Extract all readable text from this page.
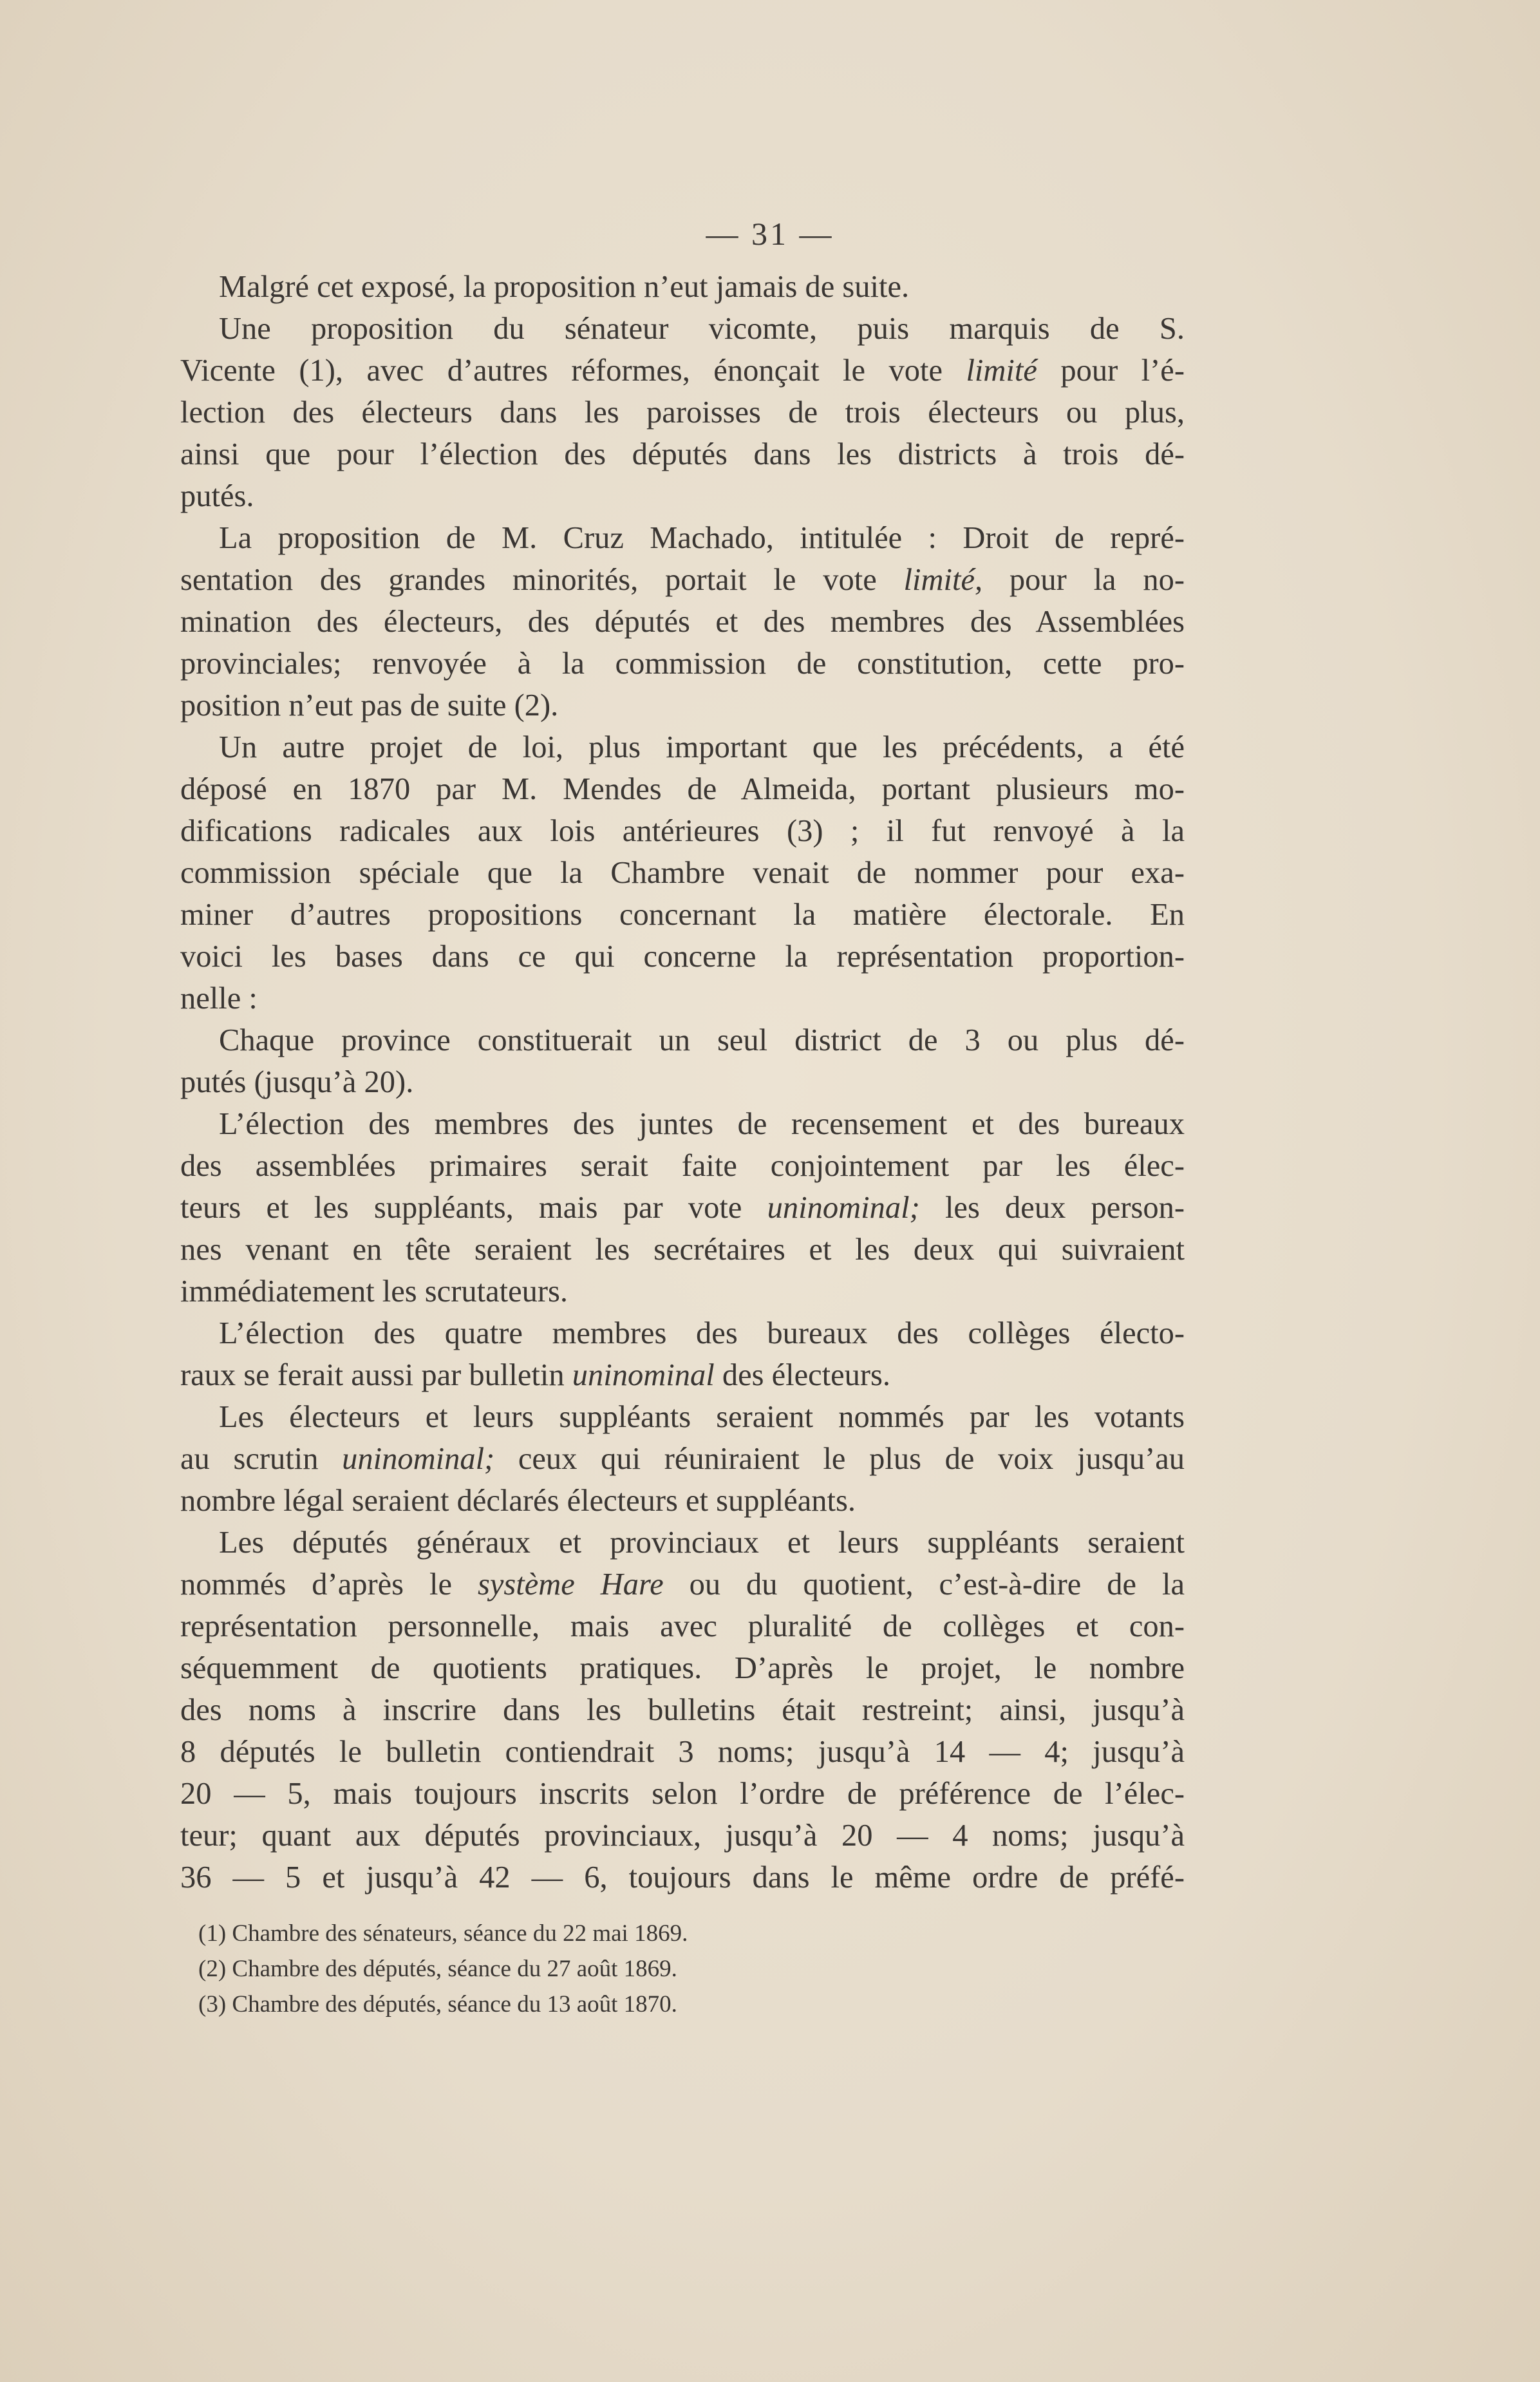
— 31 —
Malgré cet exposé, la proposition n’eut jamais de suite.
Une proposition du sénateur vicomte, puis marquis de S.
Vicente (1), avec d’autres réformes, énonçait le vote limité pour l’é-
lection des électeurs dans les paroisses de trois électeurs ou plus,
ainsi que pour l’élection des députés dans les districts à trois dé-
putés.
La proposition de M. Cruz Machado, intitulée : Droit de repré-
sentation des grandes minorités, portait le vote limité, pour la no-
mination des électeurs, des députés et des membres des Assemblées
provinciales; renvoyée à la commission de constitution, cette pro-
position n’eut pas de suite (2).
Un autre projet de loi, plus important que les précédents, a été
déposé en 1870 par M. Mendes de Almeida, portant plusieurs mo-
difications radicales aux lois antérieures (3) ; il fut renvoyé à la
commission spéciale que la Chambre venait de nommer pour exa-
miner d’autres propositions concernant la matière électorale. En
voici les bases dans ce qui concerne la représentation proportion-
nelle :
Chaque province constituerait un seul district de 3 ou plus dé-
putés (jusqu’à 20).
L’élection des membres des juntes de recensement et des bureaux
des assemblées primaires serait faite conjointement par les élec-
teurs et les suppléants, mais par vote uninominal; les deux person-
nes venant en tête seraient les secrétaires et les deux qui suivraient
immédiatement les scrutateurs.
L’élection des quatre membres des bureaux des collèges électo-
raux se ferait aussi par bulletin uninominal des électeurs.
Les électeurs et leurs suppléants seraient nommés par les votants
au scrutin uninominal; ceux qui réuniraient le plus de voix jusqu’au
nombre légal seraient déclarés électeurs et suppléants.
Les députés généraux et provinciaux et leurs suppléants seraient
nommés d’après le système Hare ou du quotient, c’est-à-dire de la
représentation personnelle, mais avec pluralité de collèges et con-
séquemment de quotients pratiques. D’après le projet, le nombre
des noms à inscrire dans les bulletins était restreint; ainsi, jusqu’à
8 députés le bulletin contiendrait 3 noms; jusqu’à 14 — 4; jusqu’à
20 — 5, mais toujours inscrits selon l’ordre de préférence de l’élec-
teur; quant aux députés provinciaux, jusqu’à 20 — 4 noms; jusqu’à
36 — 5 et jusqu’à 42 — 6, toujours dans le même ordre de préfé-
(1) Chambre des sénateurs, séance du 22 mai 1869.
(2) Chambre des députés, séance du 27 août 1869.
(3) Chambre des députés, séance du 13 août 1870.
